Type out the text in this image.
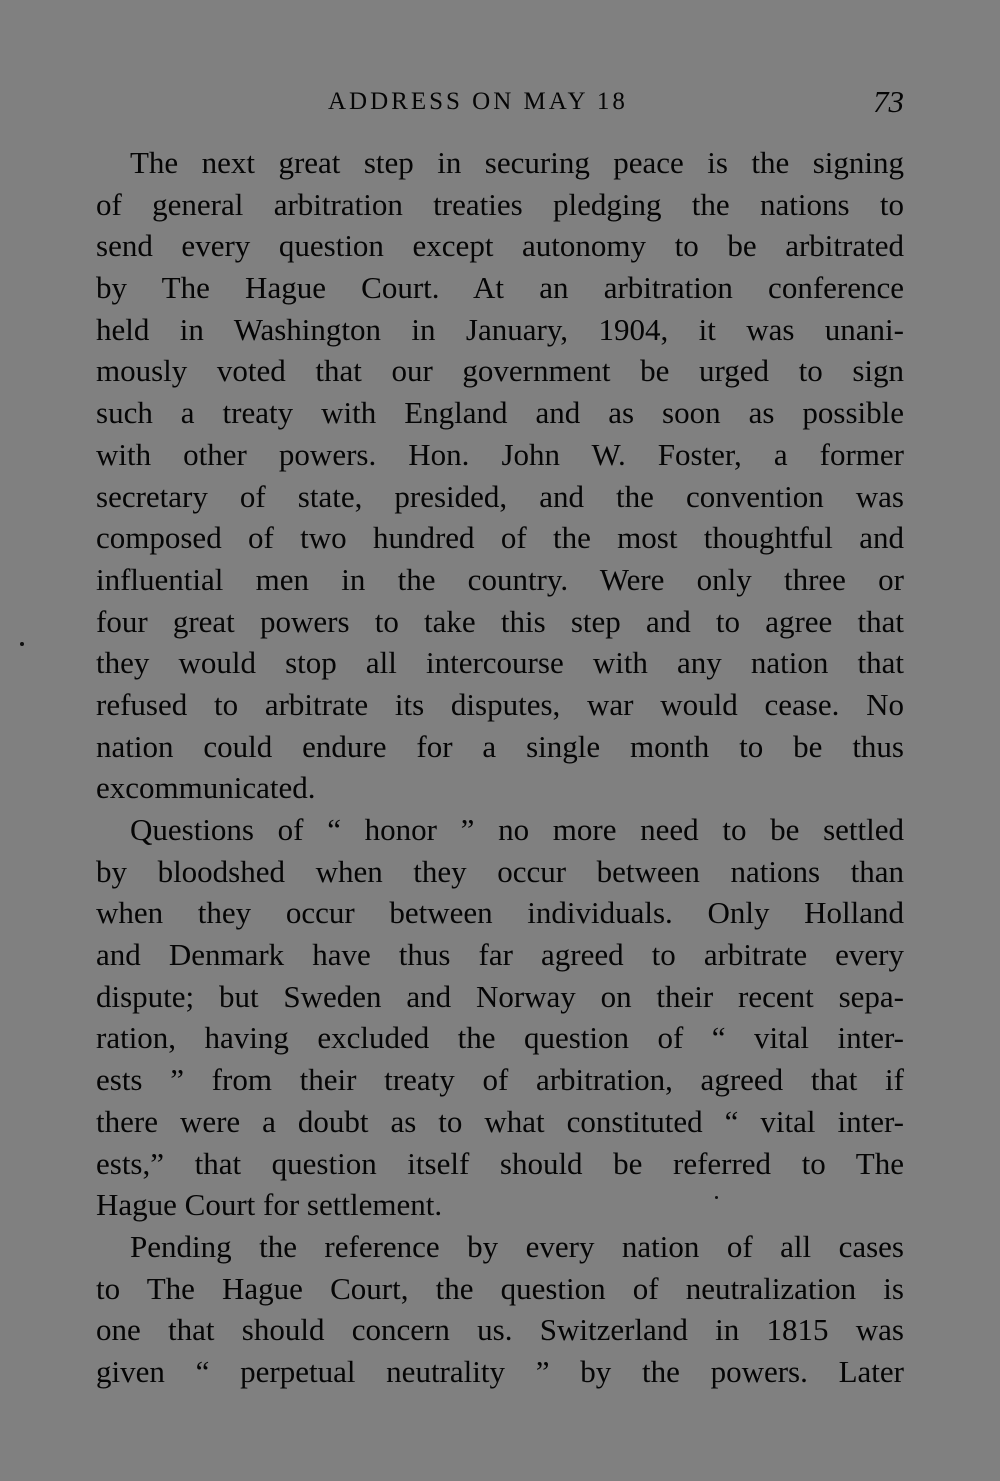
ADDRESS ON MAY 18	73
The next great step in securing peace is the signing
of general arbitration treaties pledging the nations to
send every question except autonomy to be arbitrated
by The Hague Court. At an arbitration conference
held in Washington in January, 1904, it was unani-
mously voted that our government be urged to sign
such a treaty with England and as soon as possible
with other powers. Hon. John W. Foster, a former
secretary of state, presided, and the convention was
composed of two hundred of the most thoughtful and
influential men in the country. Were only three or
four great powers to take this step and to agree that
they would stop all intercourse with any nation that
refused to arbitrate its disputes, war would cease. No
nation could endure for a single month to be thus
excommunicated.
Questions of “ honor ” no more need to be settled
by bloodshed when they occur between nations than
when they occur between individuals. Only Holland
and Denmark have thus far agreed to arbitrate every
dispute; but Sweden and Norway on their recent sepa-
ration, having excluded the question of “ vital inter-
ests ” from their treaty of arbitration, agreed that if
there were a doubt as to what constituted “ vital inter-
ests,” that question itself should be referred to The
Hague Court for settlement.
Pending the reference by every nation of all cases
to The Hague Court, the question of neutralization is
one that should concern us. Switzerland in 1815 was
given “ perpetual neutrality ” by the powers. Later
